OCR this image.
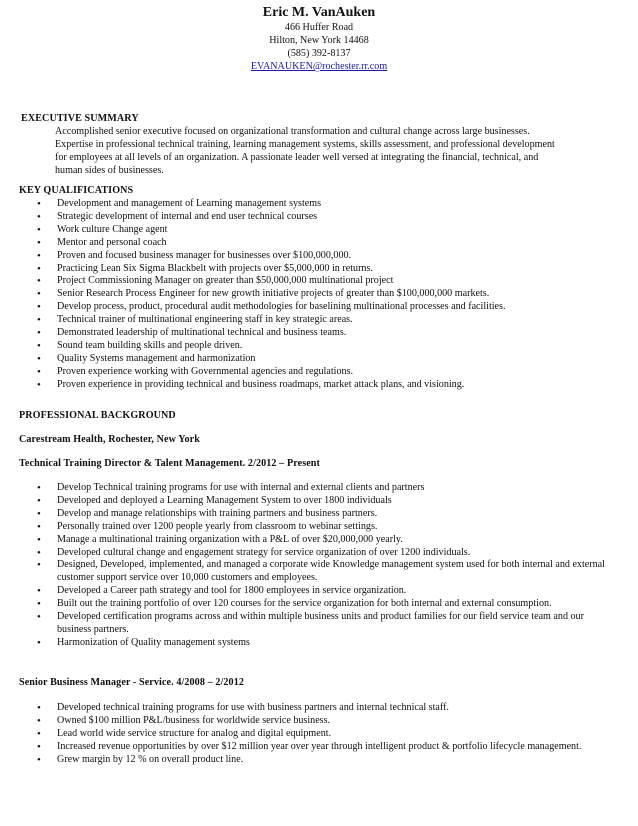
Eric M. VanAuken
466 Huffer Road
Hilton, New York 14468
(585) 392-8137
EVANAUKEN@rochester.rr.com
EXECUTIVE SUMMARY
Accomplished senior executive focused on organizational transformation and cultural change across large businesses.
Expertise in professional technical training, learning management systems, skills assessment, and professional development
for employees at all levels of an organization. A passionate leader well versed at integrating the financial, technical, and
human sides of businesses.
KEY QUALIFICATIONS
• Development and management of Learning management systems
• Strategic development of internal and end user technical courses
• Work culture Change agent
• Mentor and personal coach
• Proven and focused business manager for businesses over $100,000,000.
• Practicing Lean Six Sigma Blackbelt with projects over $5,000,000 in returns.
• Project Commissioning Manager on greater than $50,000,000 multinational project
• Senior Research Process Engineer for new growth initiative projects of greater than $100,000,000 markets.
• Develop process, product, procedural audit methodologies for baselining multinational processes and facilities.
• Technical trainer of multinational engineering staff in key strategic areas.
• Demonstrated leadership of multinational technical and business teams.
• Sound team building skills and people driven.
• Quality Systems management and harmonization
• Proven experience working with Governmental agencies and regulations.
• Proven experience in providing technical and business roadmaps, market attack plans, and visioning.
PROFESSIONAL BACKGROUND
Carestream Health, Rochester, New York
Technical Training Director & Talent Management. 2/2012 – Present
• Develop Technical training programs for use with internal and external clients and partners
• Developed and deployed a Learning Management System to over 1800 individuals
• Develop and manage relationships with training partners and business partners.
• Personally trained over 1200 people yearly from classroom to webinar settings.
• Manage a multinational training organization with a P&L of over $20,000,000 yearly.
• Developed cultural change and engagement strategy for service organization of over 1200 individuals.
• Designed, Developed, implemented, and managed a corporate wide Knowledge management system used for both internal and external customer support service over 10,000 customers and employees.
• Developed a Career path strategy and tool for 1800 employees in service organization.
• Built out the training portfolio of over 120 courses for the service organization for both internal and external consumption.
• Developed certification programs across and within multiple business units and product families for our field service team and our business partners.
• Harmonization of Quality management systems
Senior Business Manager - Service. 4/2008 – 2/2012
• Developed technical training programs for use with business partners and internal technical staff.
• Owned $100 million P&L/business for worldwide service business.
• Lead world wide service structure for analog and digital equipment.
• Increased revenue opportunities by over $12 million year over year through intelligent product & portfolio lifecycle management.
• Grew margin by 12 % on overall product line.
